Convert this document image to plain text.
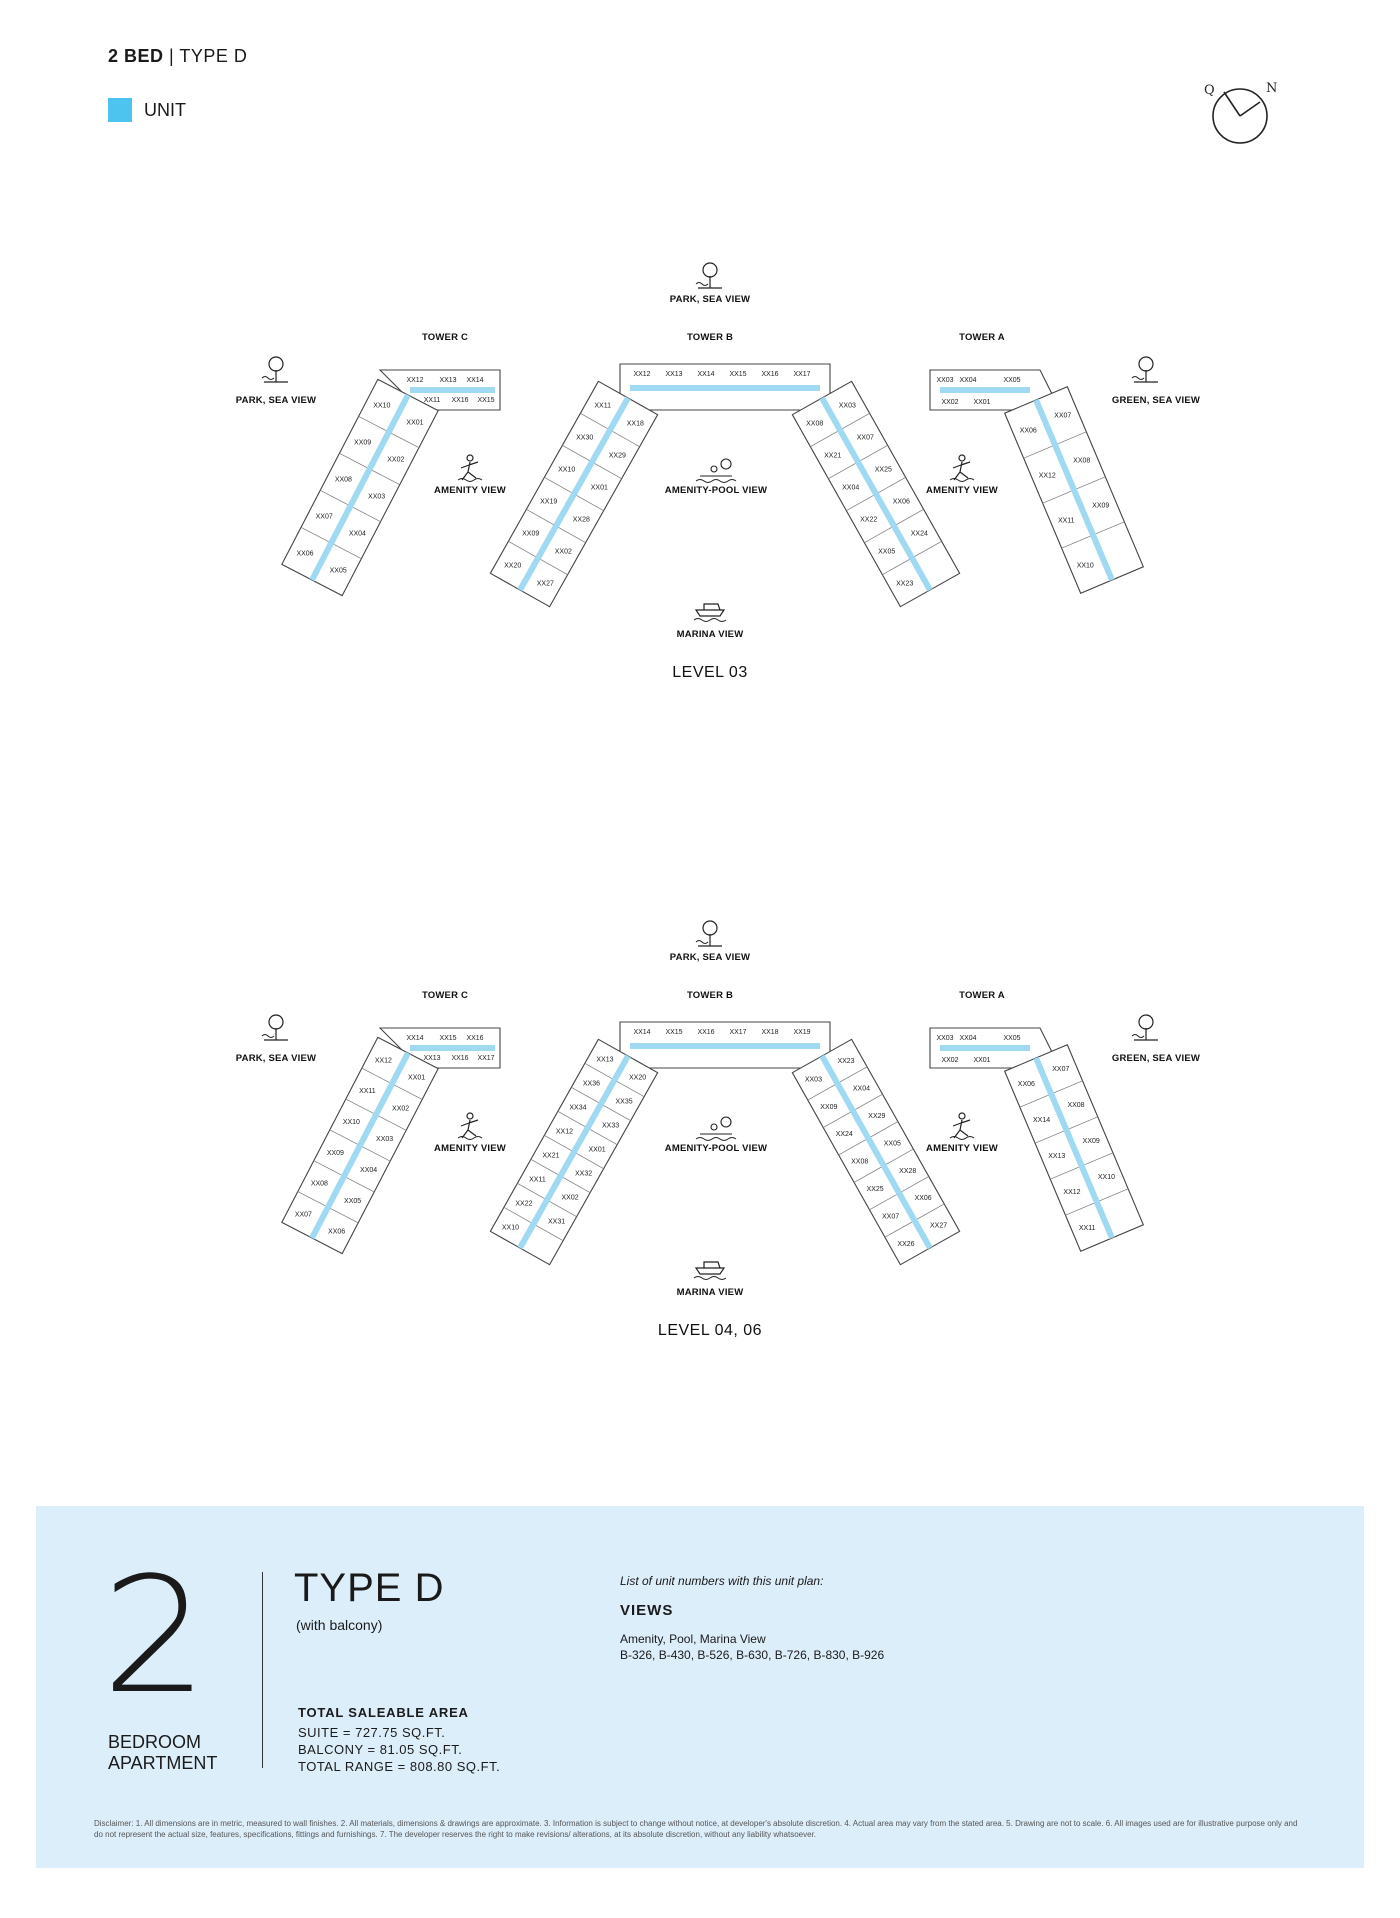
2 BED | TYPE D
UNIT
Q	N
XX12 XX13 XX14
XX11 XX16 XX15
XX10
XX01
XX09
XX02
XX08
XX03
XX07
XX04
XX06
XX05
XX12 XX13 XX14 XX15 XX16 XX17
XX11
XX18
XX30
XX29
XX10
XX01
XX19
XX28
XX09
XX02
XX20
XX27
XX08
XX03
XX21
XX07
XX04
XX25
XX22
XX06
XX05
XX24
XX23
XX03 XX04	XX05
XX02 XX01
XX06
XX07
XX12
XX08
XX11
XX09
XX10
TOWER C	TOWER B	TOWER A
PARK, SEA VIEW
PARK, SEA VIEW	GREEN, SEA VIEW
AMENITY VIEW	AMENITY-POOL VIEW	AMENITY VIEW
MARINA VIEW
LEVEL 03
XX14 XX15 XX16
XX13 XX16 XX17
XX12
XX01
XX11
XX02
XX10
XX03
XX09
XX04
XX08
XX05
XX07
XX06
XX14 XX15 XX16 XX17 XX18 XX19
XX13
XX20
XX36
XX35
XX34
XX33
XX12
XX01
XX21
XX32
XX11
XX02
XX22
XX31
XX10
XX03
XX23
XX09
XX04
XX24
XX29
XX08
XX05
XX25
XX28
XX07
XX06
XX26
XX27
XX03 XX04	XX05
XX02 XX01
XX06
XX07
XX14
XX08
XX13
XX09
XX12
XX10
XX11
TOWER C	TOWER B	TOWER A
PARK, SEA VIEW
PARK, SEA VIEW	GREEN, SEA VIEW
AMENITY VIEW	AMENITY-POOL VIEW	AMENITY VIEW
MARINA VIEW
LEVEL 04, 06
2
BEDROOM
APARTMENT
TYPE D
(with balcony)
TOTAL SALEABLE AREA
SUITE = 727.75 SQ.FT.
BALCONY = 81.05 SQ.FT.
TOTAL RANGE = 808.80 SQ.FT.
List of unit numbers with this unit plan:
VIEWS
Amenity, Pool, Marina View
B-326, B-430, B-526, B-630, B-726, B-830, B-926
Disclaimer: 1. All dimensions are in metric, measured to wall finishes. 2. All materials, dimensions & drawings are approximate. 3. Information is subject to change without notice, at developer's absolute discretion. 4. Actual area may vary from the stated area. 5. Drawing are not to scale. 6. All images used are for illustrative purpose only and do not represent the actual size, features, specifications, fittings and furnishings. 7. The developer reserves the right to make revisions/ alterations, at its absolute discretion, without any liability whatsoever.
